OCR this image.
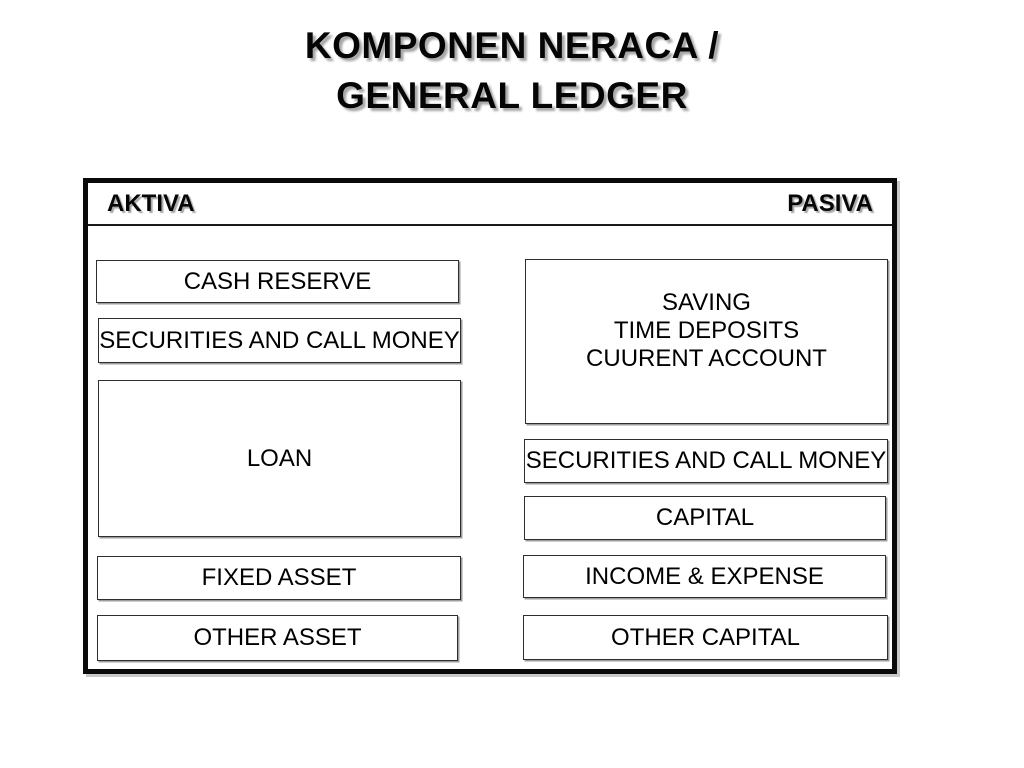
KOMPONEN NERACA /
GENERAL LEDGER
AKTIVA	PASIVA
CASH RESERVE
SECURITIES AND CALL MONEY
LOAN
FIXED ASSET
OTHER ASSET
SAVING
TIME DEPOSITS
CUURENT ACCOUNT
SECURITIES AND CALL MONEY
CAPITAL
INCOME & EXPENSE
OTHER CAPITAL
